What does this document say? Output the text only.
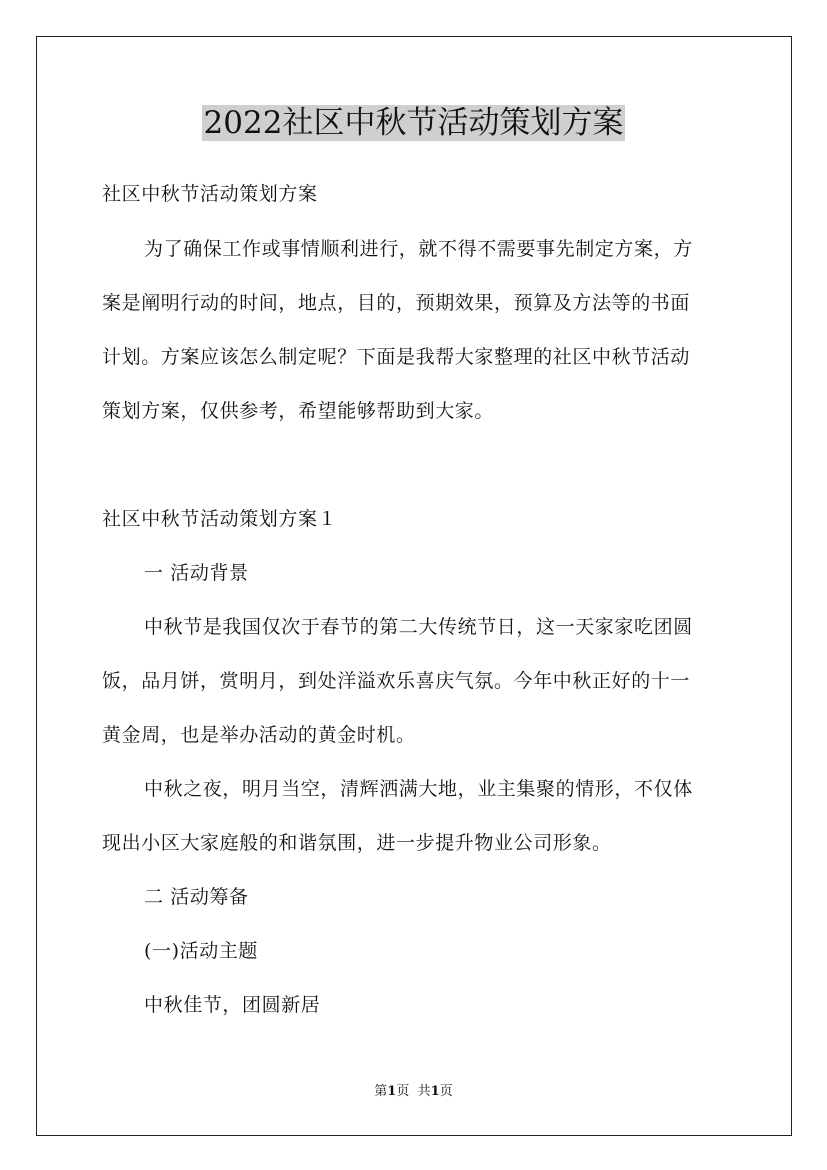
2022社区中秋节活动策划方案

社区中秋节活动策划方案

为了确保工作或事情顺利进行，就不得不需要事先制定方案，方

案是阐明行动的时间，地点，目的，预期效果，预算及方法等的书面

计划。方案应该怎么制定呢？下面是我帮大家整理的社区中秋节活动

策划方案，仅供参考，希望能够帮助到大家。

社区中秋节活动策划方案１

一 活动背景

中秋节是我国仅次于春节的第二大传统节日，这一天家家吃团圆

饭，品月饼，赏明月，到处洋溢欢乐喜庆气氛。今年中秋正好的十一

黄金周，也是举办活动的黄金时机。

中秋之夜，明月当空，清辉洒满大地，业主集聚的情形，不仅体

现出小区大家庭般的和谐氛围，进一步提升物业公司形象。

二 活动筹备

(一)活动主题

中秋佳节，团圆新居

第1页 共1页
